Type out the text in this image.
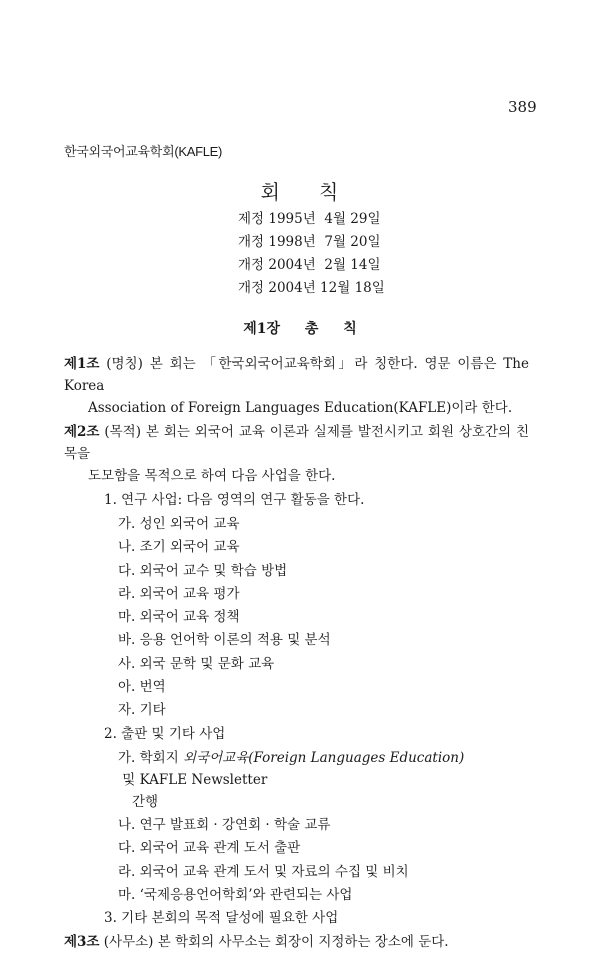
389
한국외국어교육학회(KAFLE)
회 칙
제정 1995년  4월 29일
개정 1998년  7월 20일
개정 2004년  2월 14일
개정 2004년 12월 18일
제1장 총 칙

제1조 (명칭) 본 회는 「한국외국어교육학회」라 칭한다. 영문 이름은 The Korea
Association of Foreign Languages Education(KAFLE)이라 한다.

제2조 (목적) 본 회는 외국어 교육 이론과 실제를 발전시키고 회원 상호간의 친목을
도모함을 목적으로 하여 다음 사업을 한다.

1. 연구 사업: 다음 영역의 연구 활동을 한다.
가. 성인 외국어 교육
나. 조기 외국어 교육
다. 외국어 교수 및 학습 방법
라. 외국어 교육 평가
마. 외국어 교육 정책
바. 응용 언어학 이론의 적용 및 분석
사. 외국 문학 및 문화 교육
아. 번역
자. 기타
2. 출판 및 기타 사업
가. 학회지 외국어교육(Foreign Languages Education) 및 KAFLE Newsletter
간행
나. 연구 발표회 · 강연회 · 학술 교류
다. 외국어 교육 관계 도서 출판
라. 외국어 교육 관계 도서 및 자료의 수집 및 비치
마. ‘국제응용언어학회’와 관련되는 사업
3. 기타 본회의 목적 달성에 필요한 사업

제3조 (사무소) 본 학회의 사무소는 회장이 지정하는 장소에 둔다.
